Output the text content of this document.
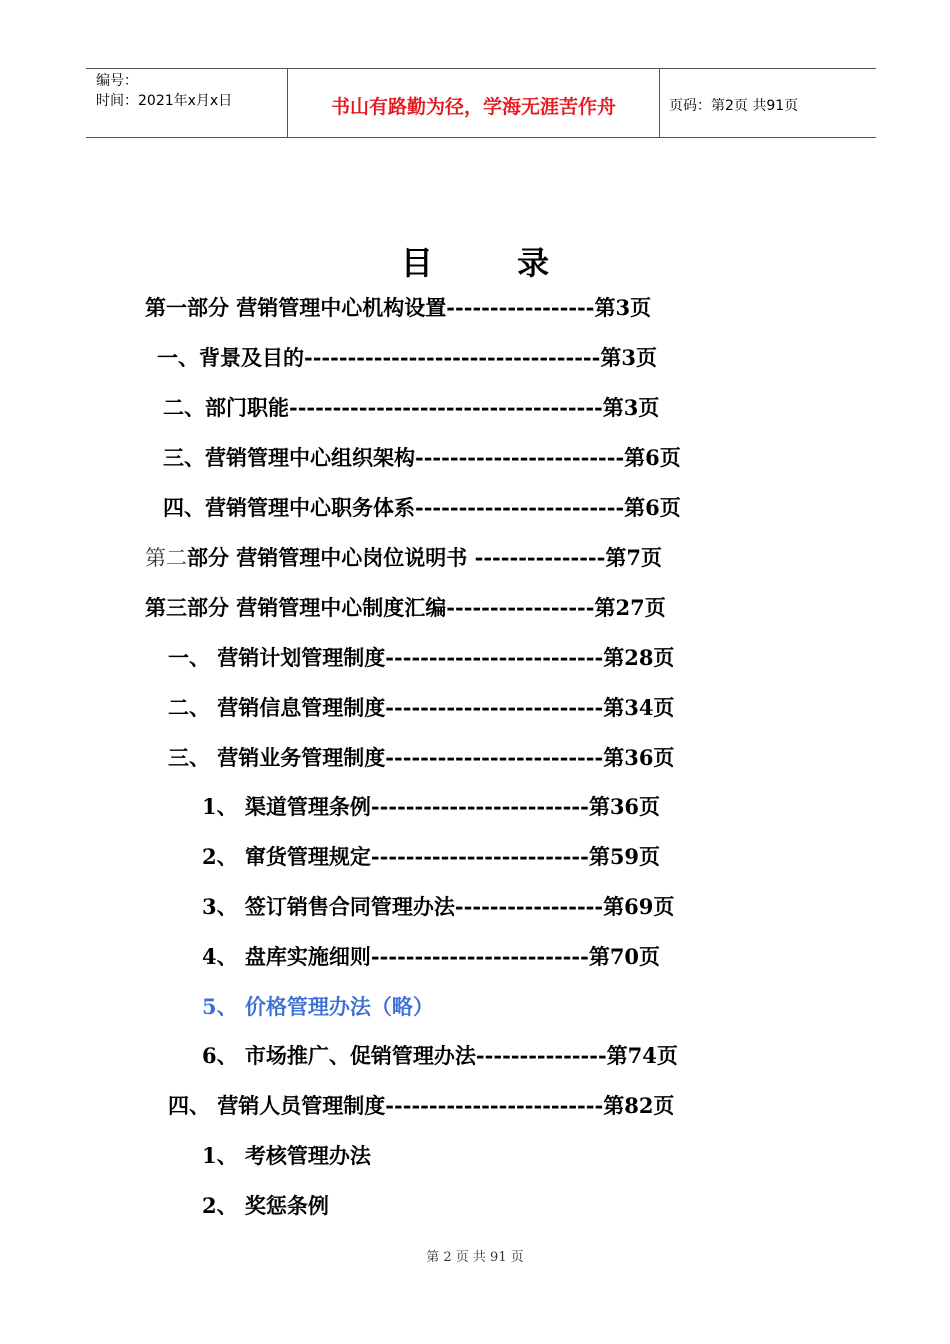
编号：
时间：2021年x月x日	书山有路勤为径，学海无涯苦作舟	页码：第2页 共91页
目	录
第一部分 营销管理中心机构设置-----------------第3页
一、背景及目的----------------------------------第3页
二、部门职能------------------------------------第3页
三、营销管理中心组织架构------------------------第6页
四、营销管理中心职务体系------------------------第6页
第二部分 营销管理中心岗位说明书 ---------------第7页
第三部分 营销管理中心制度汇编-----------------第27页
一、 营销计划管理制度-------------------------第28页
二、 营销信息管理制度-------------------------第34页
三、 营销业务管理制度-------------------------第36页
1、 渠道管理条例-------------------------第36页
2、 窜货管理规定-------------------------第59页
3、 签订销售合同管理办法-----------------第69页
4、 盘库实施细则-------------------------第70页
5、 价格管理办法（略）
6、 市场推广、促销管理办法---------------第74页
四、 营销人员管理制度-------------------------第82页
1、 考核管理办法
2、 奖惩条例
第 2 页 共 91 页
